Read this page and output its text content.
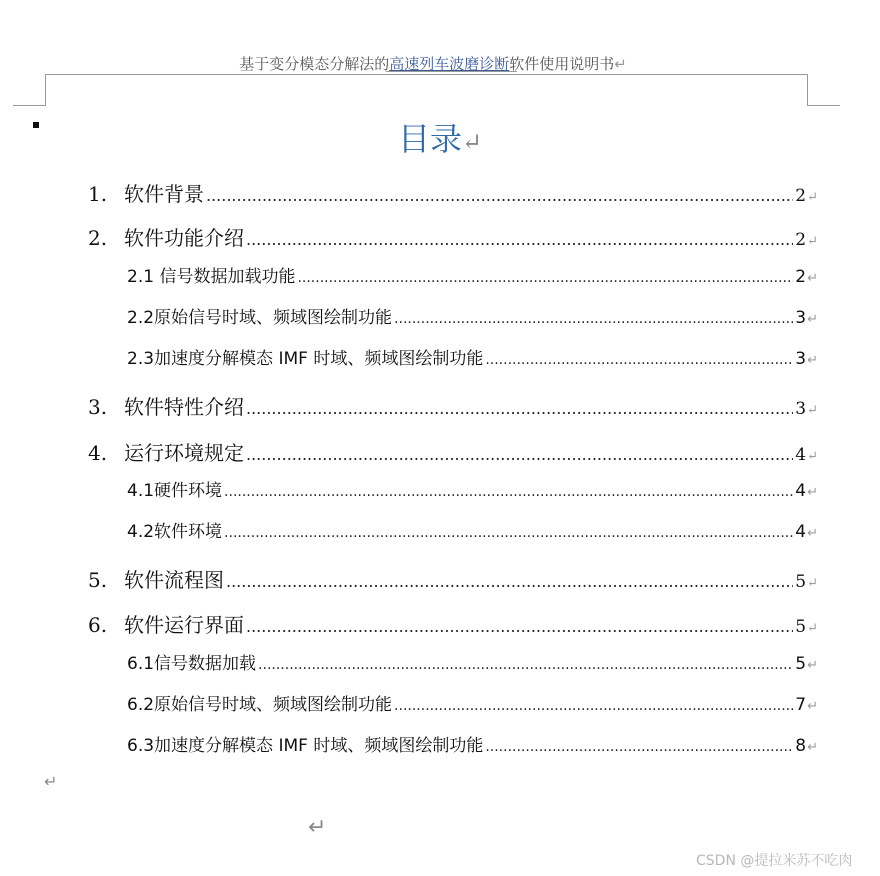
基于变分模态分解法的高速列车波磨诊断软件使用说明书↵
目录↵
1. 软件背景 .....	2 ↵
2. 软件功能介绍 .....	2 ↵
2.1 信号数据加载功能 .....	2 ↵
2.2 原始信号时域、频域图绘制功能 .....	3 ↵
2.3 加速度分解模态 IMF 时域、频域图绘制功能 .....	3 ↵
3. 软件特性介绍 .....	3 ↵
4. 运行环境规定 .....	4 ↵
4.1 硬件环境 .....	4 ↵
4.2 软件环境 .....	4 ↵
5. 软件流程图 .....	5 ↵
6. 软件运行界面 .....	5 ↵
6.1 信号数据加载 .....	5 ↵
6.2 原始信号时域、频域图绘制功能 .....	7 ↵
6.3 加速度分解模态 IMF 时域、频域图绘制功能 .....	8 ↵
↵
↵
CSDN @提拉米苏不吃肉
